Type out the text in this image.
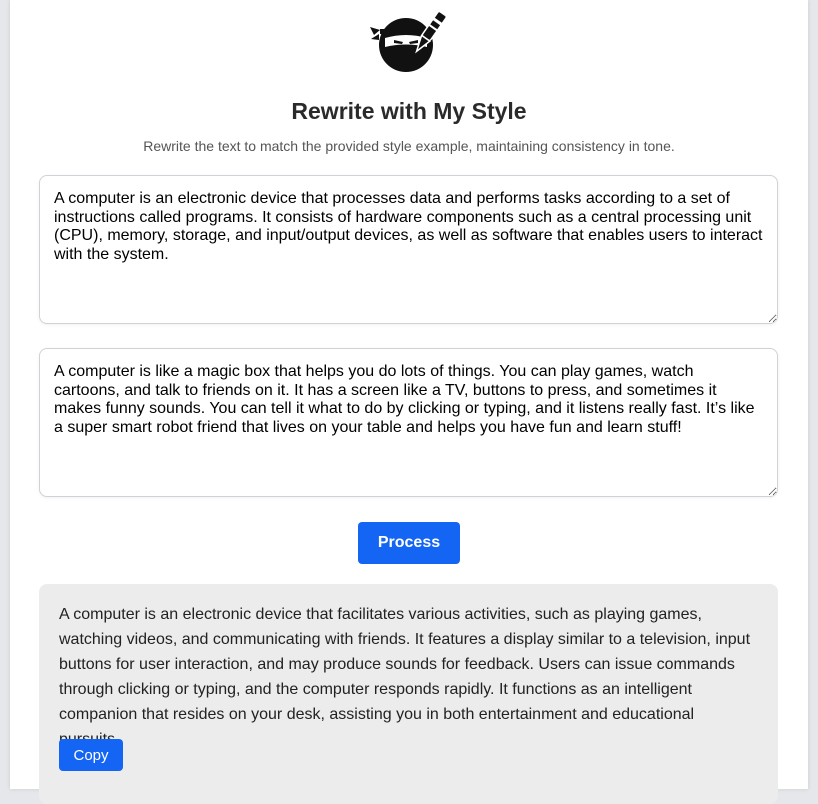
Rewrite with My Style

Rewrite the text to match the provided style example, maintaining consistency in tone.

A computer is an electronic device that processes data and performs tasks according to a set of instructions called programs. It consists of hardware components such as a central processing unit (CPU), memory, storage, and input/output devices, as well as software that enables users to interact with the system.
A computer is like a magic box that helps you do lots of things. You can play games, watch cartoons, and talk to friends on it. It has a screen like a TV, buttons to press, and sometimes it makes funny sounds. You can tell it what to do by clicking or typing, and it listens really fast. It’s like a super smart robot friend that lives on your table and helps you have fun and learn stuff!
Process

A computer is an electronic device that facilitates various activities, such as playing games, watching videos, and communicating with friends. It features a display similar to a television, input buttons for user interaction, and may produce sounds for feedback. Users can issue commands through clicking or typing, and the computer responds rapidly. It functions as an intelligent companion that resides on your desk, assisting you in both entertainment and educational

Copy
